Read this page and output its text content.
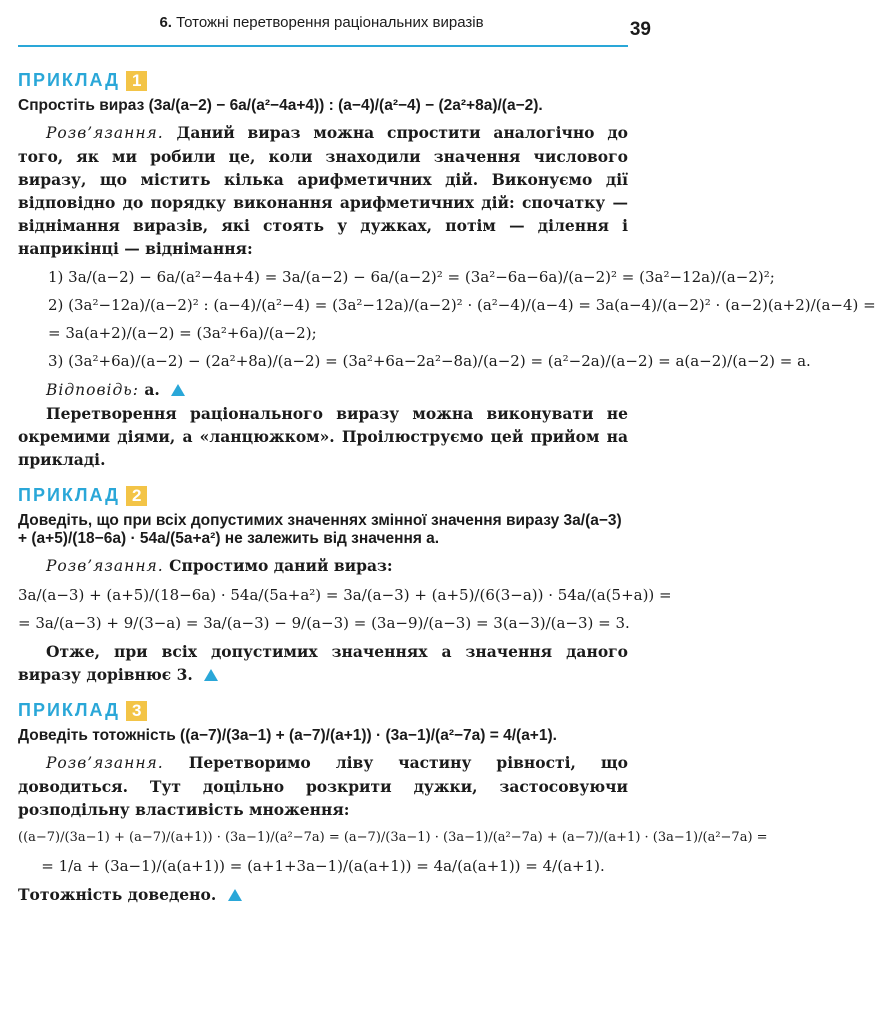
6. Тотожні перетворення раціональних виразів	39
ПРИКЛАД 1
Спростіть вираз (3a/(a−2) − 6a/(a²−4a+4)) : (a−4)/(a²−4) − (2a²+8a)/(a−2).

Розв’язання. Даний вираз можна спростити аналогічно до того, як ми робили це, коли знаходили значення числового виразу, що містить кілька арифметичних дій. Виконуємо дії відповідно до порядку виконання арифметичних дій: спочатку — віднімання виразів, які стоять у дужках, потім — ділення і наприкінці — віднімання:

1) 3a/(a−2) − 6a/(a²−4a+4) = 3a/(a−2) − 6a/(a−2)² = (3a²−6a−6a)/(a−2)² = (3a²−12a)/(a−2)²;
2) (3a²−12a)/(a−2)² : (a−4)/(a²−4) = (3a²−12a)/(a−2)² · (a²−4)/(a−4) = 3a(a−4)/(a−2)² · (a−2)(a+2)/(a−4) =
= 3a(a+2)/(a−2) = (3a²+6a)/(a−2);
3) (3a²+6a)/(a−2) − (2a²+8a)/(a−2) = (3a²+6a−2a²−8a)/(a−2) = (a²−2a)/(a−2) = a(a−2)/(a−2) = a.

Відповідь: a.

Перетворення раціонального виразу можна виконувати не окремими діями, а «ланцюжком». Проілюструємо цей прийом на прикладі.

ПРИКЛАД 2
Доведіть, що при всіх допустимих значеннях змінної значення виразу 3a/(a−3) + (a+5)/(18−6a) · 54a/(5a+a²) не залежить від значення a.

Розв’язання. Спростимо даний вираз:

3a/(a−3) + (a+5)/(18−6a) · 54a/(5a+a²) = 3a/(a−3) + (a+5)/(6(3−a)) · 54a/(a(5+a)) =
= 3a/(a−3) + 9/(3−a) = 3a/(a−3) − 9/(a−3) = (3a−9)/(a−3) = 3(a−3)/(a−3) = 3.

Отже, при всіх допустимих значеннях a значення даного виразу дорівнює 3.

ПРИКЛАД 3
Доведіть тотожність ((a−7)/(3a−1) + (a−7)/(a+1)) · (3a−1)/(a²−7a) = 4/(a+1).

Розв’язання. Перетворимо ліву частину рівності, що доводиться. Тут доцільно розкрити дужки, застосовуючи розподільну властивість множення:

((a−7)/(3a−1) + (a−7)/(a+1)) · (3a−1)/(a²−7a) = (a−7)/(3a−1) · (3a−1)/(a²−7a) + (a−7)/(a+1) · (3a−1)/(a²−7a) =
= 1/a + (3a−1)/(a(a+1)) = (a+1+3a−1)/(a(a+1)) = 4a/(a(a+1)) = 4/(a+1).

Тотожність доведено.
